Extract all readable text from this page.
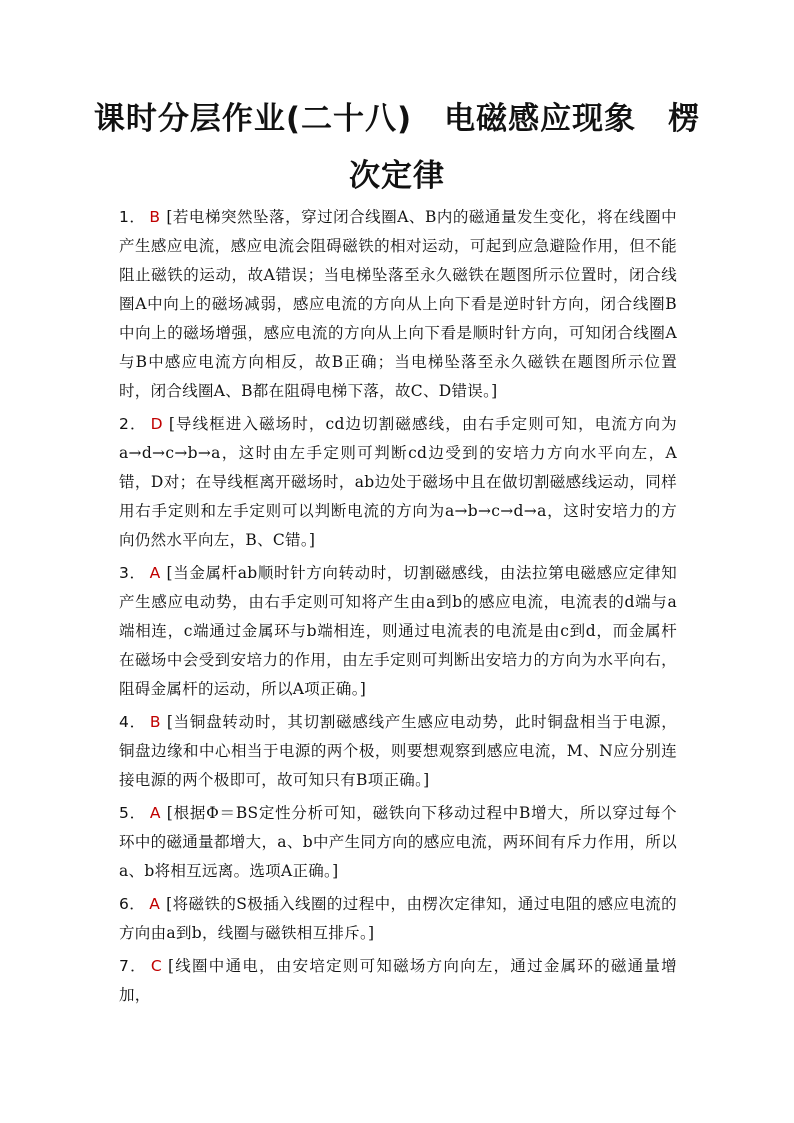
课时分层作业(二十八)　电磁感应现象　楞
次定律

1． B [若电梯突然坠落，穿过闭合线圈A、B内的磁通量发生变化，将在线圈中产生感应电流，感应电流会阻碍磁铁的相对运动，可起到应急避险作用，但不能阻止磁铁的运动，故A错误；当电梯坠落至永久磁铁在题图所示位置时，闭合线圈A中向上的磁场减弱，感应电流的方向从上向下看是逆时针方向，闭合线圈B中向上的磁场增强，感应电流的方向从上向下看是顺时针方向，可知闭合线圈A与B中感应电流方向相反，故B正确；当电梯坠落至永久磁铁在题图所示位置时，闭合线圈A、B都在阻碍电梯下落，故C、D错误。]

2． D [导线框进入磁场时，cd边切割磁感线，由右手定则可知，电流方向为a→d→c→b→a，这时由左手定则可判断cd边受到的安培力方向水平向左，A错，D对；在导线框离开磁场时，ab边处于磁场中且在做切割磁感线运动，同样用右手定则和左手定则可以判断电流的方向为a→b→c→d→a，这时安培力的方向仍然水平向左，B、C错。]

3． A [当金属杆ab顺时针方向转动时，切割磁感线，由法拉第电磁感应定律知产生感应电动势，由右手定则可知将产生由a到b的感应电流，电流表的d端与a端相连，c端通过金属环与b端相连，则通过电流表的电流是由c到d，而金属杆在磁场中会受到安培力的作用，由左手定则可判断出安培力的方向为水平向右，阻碍金属杆的运动，所以A项正确。]

4． B [当铜盘转动时，其切割磁感线产生感应电动势，此时铜盘相当于电源，铜盘边缘和中心相当于电源的两个极，则要想观察到感应电流，M、N应分别连接电源的两个极即可，故可知只有B项正确。]

5． A [根据Φ＝BS定性分析可知，磁铁向下移动过程中B增大，所以穿过每个环中的磁通量都增大，a、b中产生同方向的感应电流，两环间有斥力作用，所以a、b将相互远离。选项A正确。]

6． A [将磁铁的S极插入线圈的过程中，由楞次定律知，通过电阻的感应电流的方向由a到b，线圈与磁铁相互排斥。]

7． C [线圈中通电，由安培定则可知磁场方向向左，通过金属环的磁通量增加，
